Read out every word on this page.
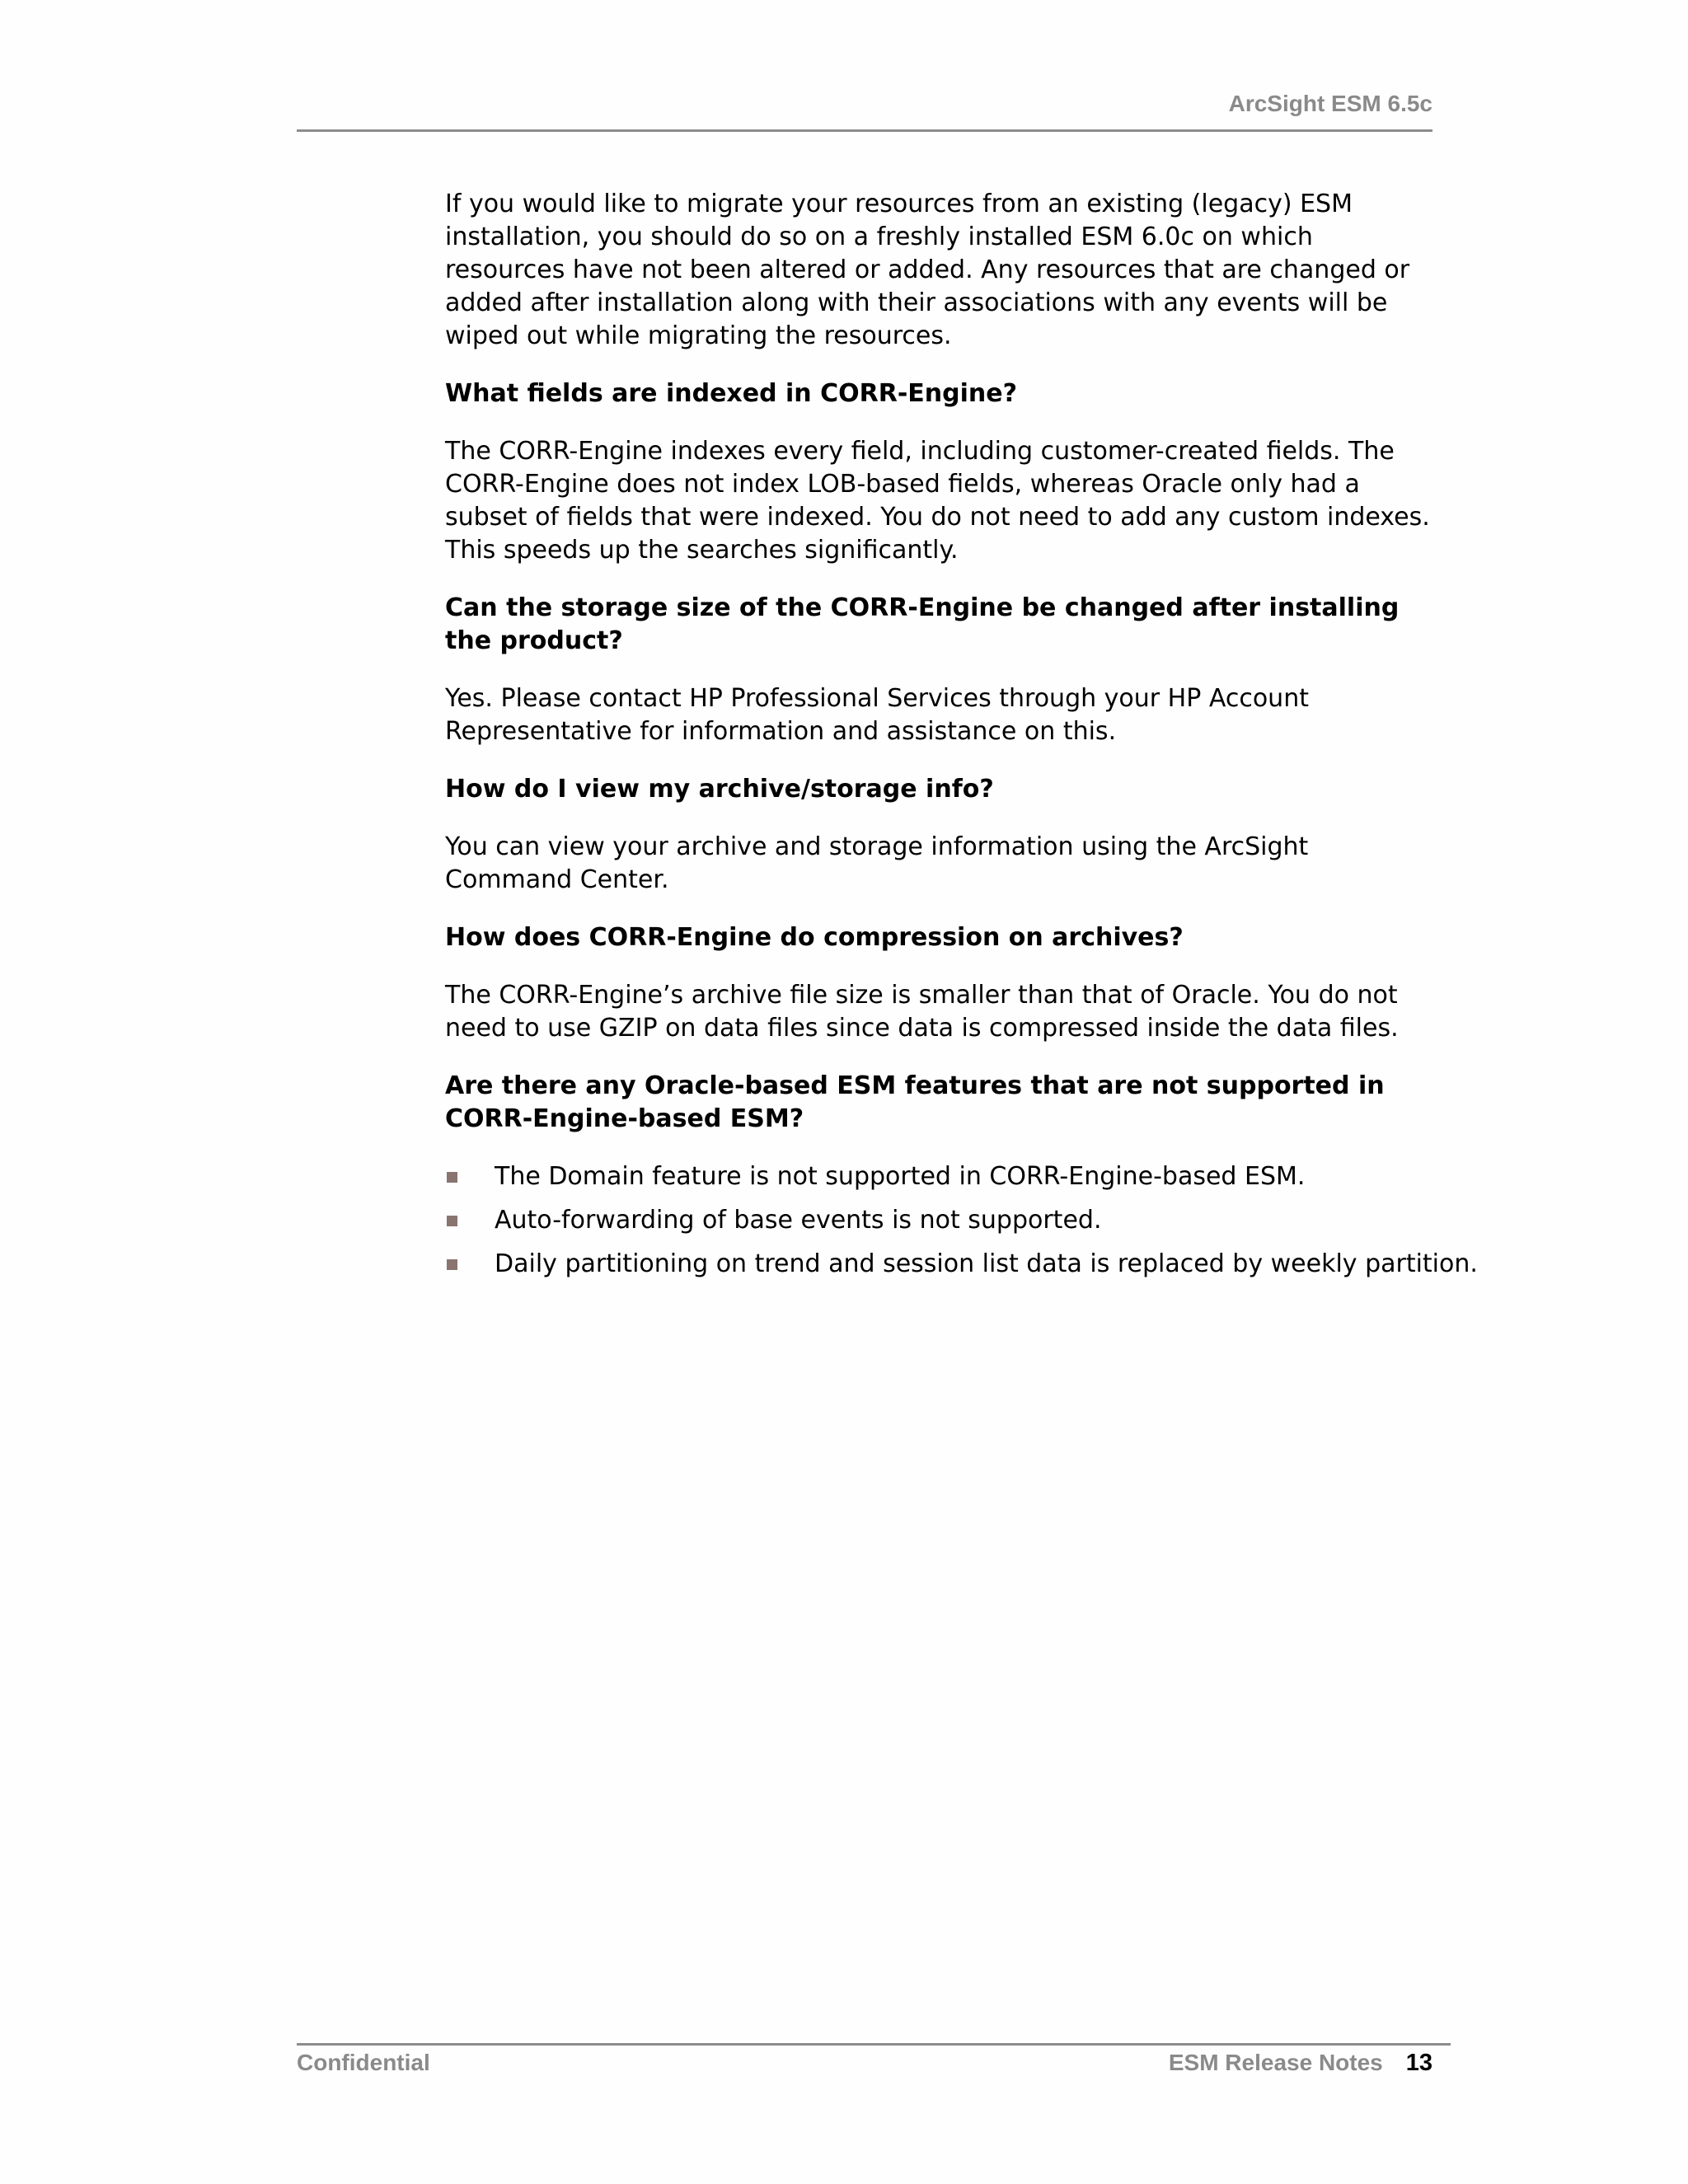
ArcSight ESM 6.5c

If you would like to migrate your resources from an existing (legacy) ESM installation, you should do so on a freshly installed ESM 6.0c on which resources have not been altered or added. Any resources that are changed or added after installation along with their associations with any events will be wiped out while migrating the resources.

What fields are indexed in CORR-Engine?

The CORR-Engine indexes every field, including customer-created fields. The CORR-Engine does not index LOB-based fields, whereas Oracle only had a subset of fields that were indexed. You do not need to add any custom indexes. This speeds up the searches significantly.

Can the storage size of the CORR-Engine be changed after installing the product?

Yes. Please contact HP Professional Services through your HP Account Representative for information and assistance on this.

How do I view my archive/storage info?

You can view your archive and storage information using the ArcSight Command Center.

How does CORR-Engine do compression on archives?

The CORR-Engine’s archive file size is smaller than that of Oracle. You do not need to use GZIP on data files since data is compressed inside the data files.

Are there any Oracle-based ESM features that are not supported in CORR-Engine-based ESM?

The Domain feature is not supported in CORR-Engine-based ESM.
Auto-forwarding of base events is not supported.
Daily partitioning on trend and session list data is replaced by weekly partition.
Confidential	ESM Release Notes 13
